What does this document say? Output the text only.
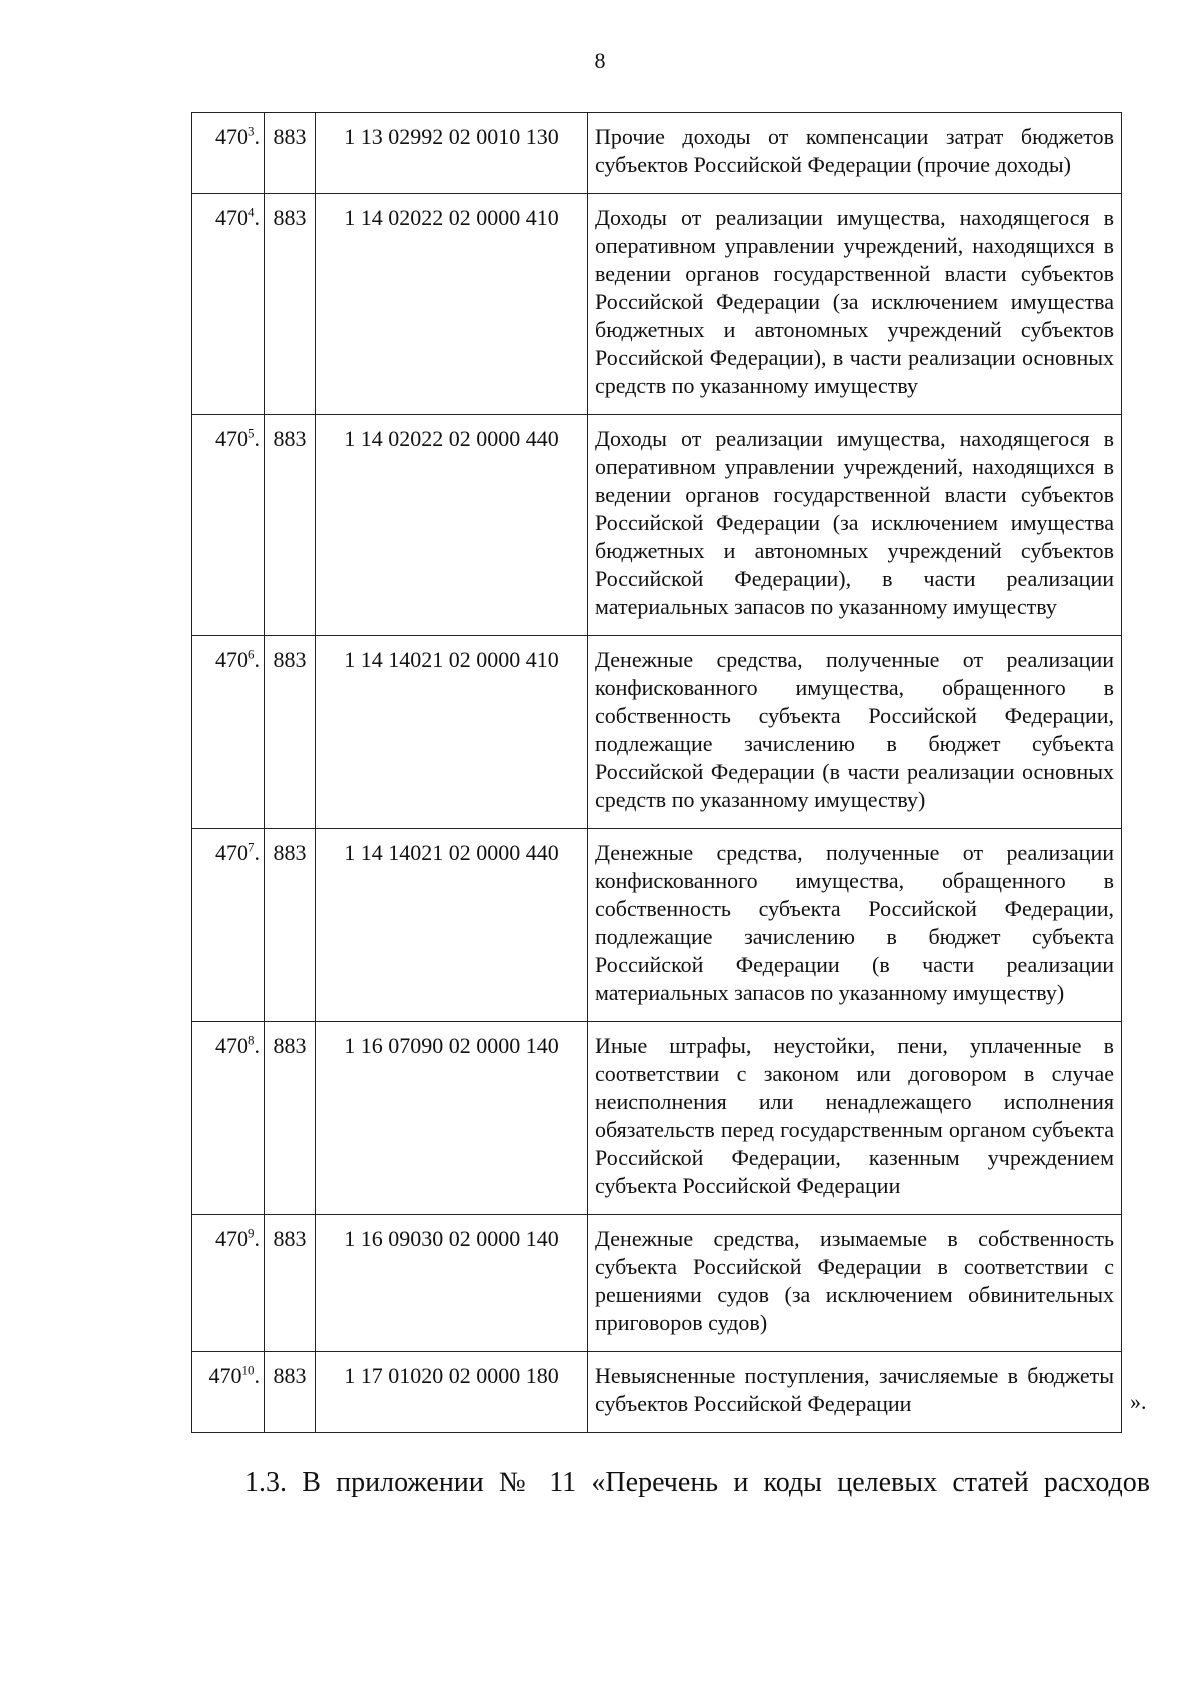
8
$470^3$.	883	1 13 02992 02 0010 130	Прочие доходы от компенсации затрат бюджетов субъектов Российской Федерации (прочие доходы)
$470^4$.	883	1 14 02022 02 0000 410	Доходы от реализации имущества, находящегося в оперативном управлении учреждений, находящихся в ведении органов государственной власти субъектов Российской Федерации (за исключением имущества бюджетных и автономных учреждений субъектов Российской Федерации), в части реализации основных средств по указанному имуществу
$470^5$.	883	1 14 02022 02 0000 440	Доходы от реализации имущества, находящегося в оперативном управлении учреждений, находящихся в ведении органов государственной власти субъектов Российской Федерации (за исключением имущества бюджетных и автономных учреждений субъектов Российской Федерации), в части реализации материальных запасов по указанному имуществу
$470^6$.	883	1 14 14021 02 0000 410	Денежные средства, полученные от реализации конфискованного имущества, обращенного в собственность субъекта Российской Федерации, подлежащие зачислению в бюджет субъекта Российской Федерации (в части реализации основных средств по указанному имуществу)
$470^7$.	883	1 14 14021 02 0000 440	Денежные средства, полученные от реализации конфискованного имущества, обращенного в собственность субъекта Российской Федерации, подлежащие зачислению в бюджет субъекта Российской Федерации (в части реализации материальных запасов по указанному имуществу)
$470^8$.	883	1 16 07090 02 0000 140	Иные штрафы, неустойки, пени, уплаченные в соответствии с законом или договором в случае неисполнения или ненадлежащего исполнения обязательств перед государственным органом субъекта Российской Федерации, казенным учреждением субъекта Российской Федерации
$470^9$.	883	1 16 09030 02 0000 140	Денежные средства, изымаемые в собственность субъекта Российской Федерации в соответствии с решениями судов (за исключением обвинительных приговоров судов)
$470^{10}$.	883	1 17 01020 02 0000 180	Невыясненные поступления, зачисляемые в бюджеты субъектов Российской Федерации	».
1.3. В приложении № 11 «Перечень и коды целевых статей расходов
